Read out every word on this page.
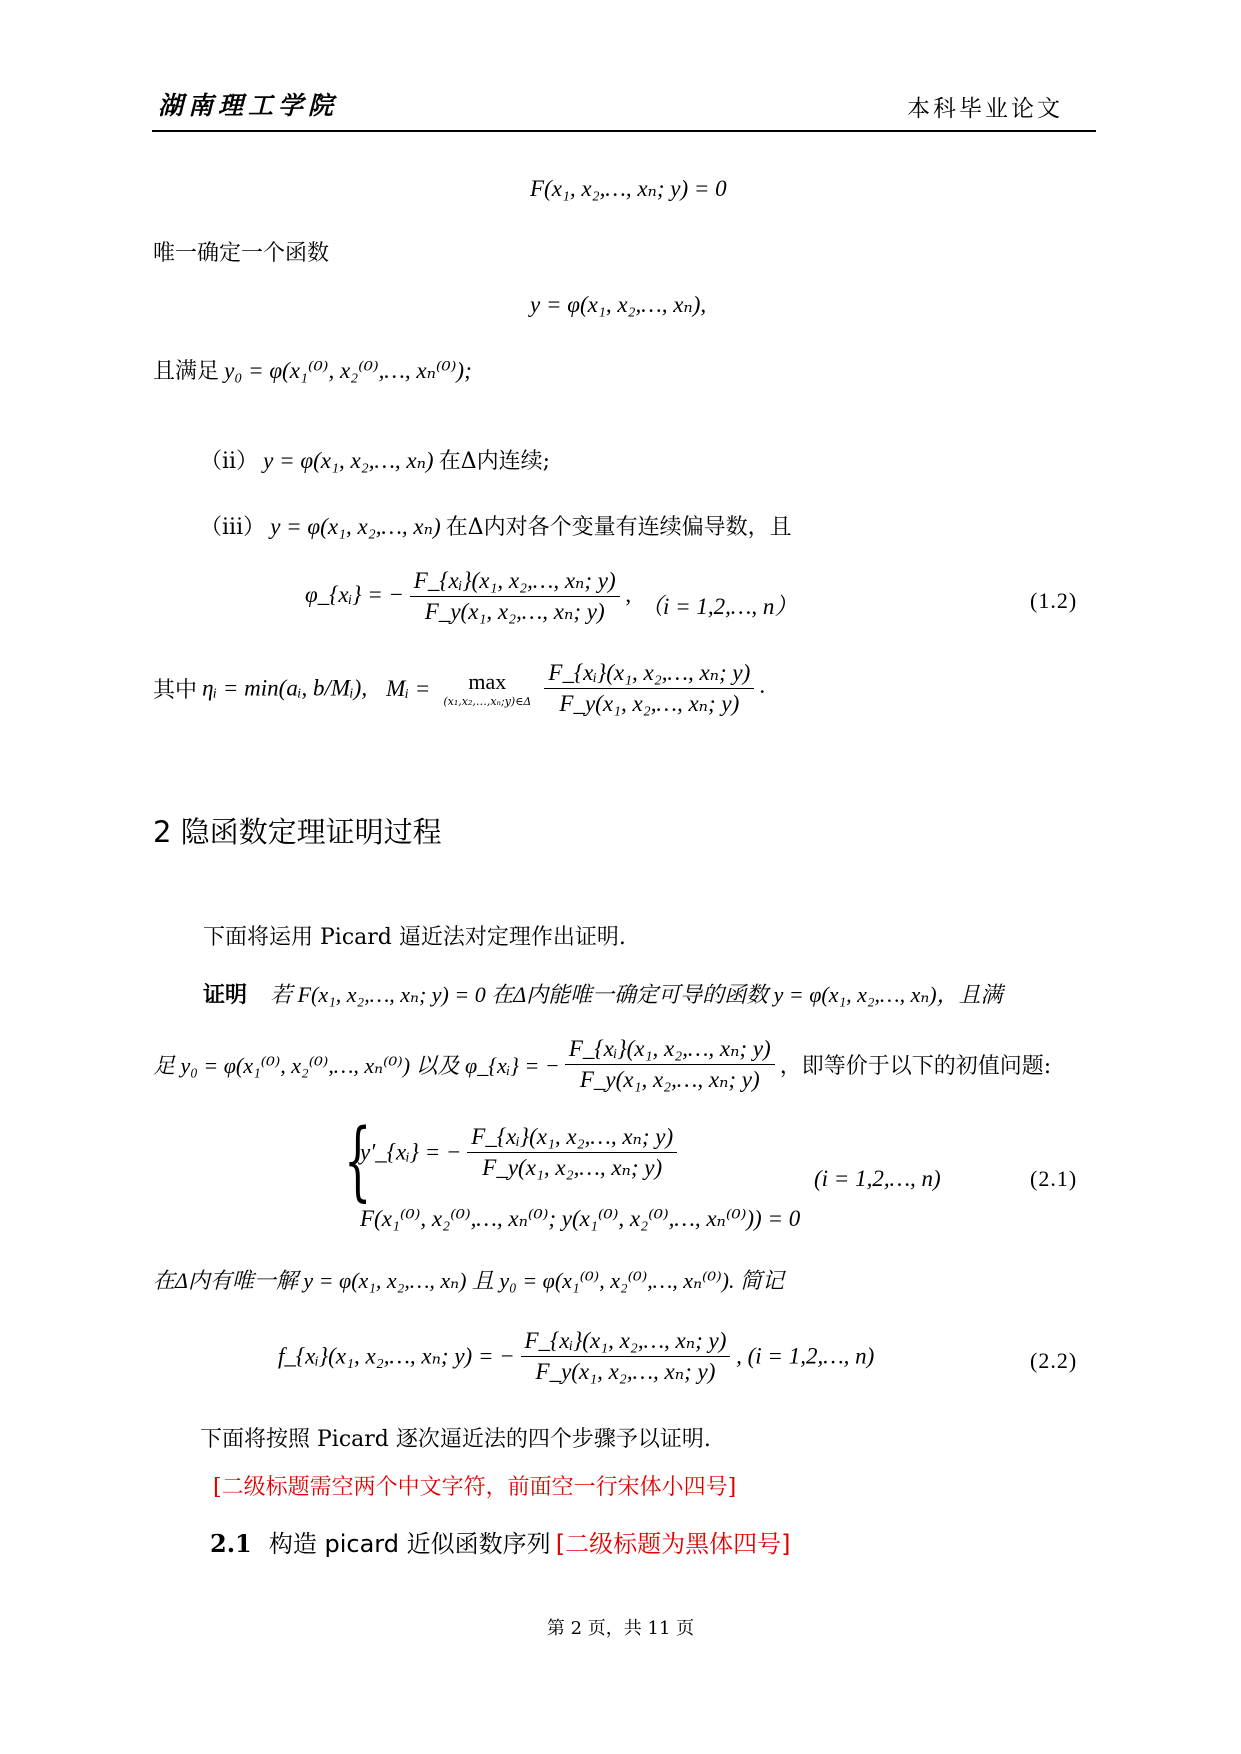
湖南理工学院	本科毕业论文
F(x₁, x₂,…, xₙ; y) = 0
唯一确定一个函数
y = φ(x₁, x₂,…, xₙ),
且满足 y₀ = φ(x₁⁽⁰⁾, x₂⁽⁰⁾,…, xₙ⁽⁰⁾);
（ii） y = φ(x₁, x₂,…, xₙ) 在Δ内连续;
（iii） y = φ(x₁, x₂,…, xₙ) 在Δ内对各个变量有连续偏导数，且
φ_{xᵢ} = − $\frac{\text{F\_\{xᵢ\}(x₁, x₂,…, xₙ; y)}}{\text{F\_y(x₁, x₂,…, xₙ; y)}}$ , （i = 1,2,…, n）	(1.2)
其中 ηᵢ = min(aᵢ, b/Mᵢ), Mᵢ =	max
(x₁,x₂,…,xₙ;y)∈Δ
$\frac{\text{F\_\{xᵢ\}(x₁, x₂,…, xₙ; y)}}{\text{F\_y(x₁, x₂,…, xₙ; y)}}$ .
2 隐函数定理证明过程
下面将运用 Picard 逼近法对定理作出证明.
证明 若 F(x₁, x₂,…, xₙ; y) = 0 在Δ内能唯一确定可导的函数 y = φ(x₁, x₂,…, xₙ)，且满
足 y₀ = φ(x₁⁽⁰⁾, x₂⁽⁰⁾,…, xₙ⁽⁰⁾) 以及 φ_{xᵢ} = − $\frac{\text{F\_\{xᵢ\}(x₁, x₂,…, xₙ; y)}}{\text{F\_y(x₁, x₂,…, xₙ; y)}}$ ，即等价于以下的初值问题:
{
y′_{xᵢ} = − $\frac{\text{F\_\{xᵢ\}(x₁, x₂,…, xₙ; y)}}{\text{F\_y(x₁, x₂,…, xₙ; y)}}$	(i = 1,2,…, n)	(2.1)
F(x₁⁽⁰⁾, x₂⁽⁰⁾,…, xₙ⁽⁰⁾; y(x₁⁽⁰⁾, x₂⁽⁰⁾,…, xₙ⁽⁰⁾)) = 0
在Δ内有唯一解 y = φ(x₁, x₂,…, xₙ) 且 y₀ = φ(x₁⁽⁰⁾, x₂⁽⁰⁾,…, xₙ⁽⁰⁾). 简记
f_{xᵢ}(x₁, x₂,…, xₙ; y) = − $\frac{\text{F\_\{xᵢ\}(x₁, x₂,…, xₙ; y)}}{\text{F\_y(x₁, x₂,…, xₙ; y)}}$ , (i = 1,2,…, n)	(2.2)
下面将按照 Picard 逐次逼近法的四个步骤予以证明.
[二级标题需空两个中文字符，前面空一行宋体小四号]
2.1 构造 picard 近似函数序列 [二级标题为黑体四号]
第 2 页，共 11 页
